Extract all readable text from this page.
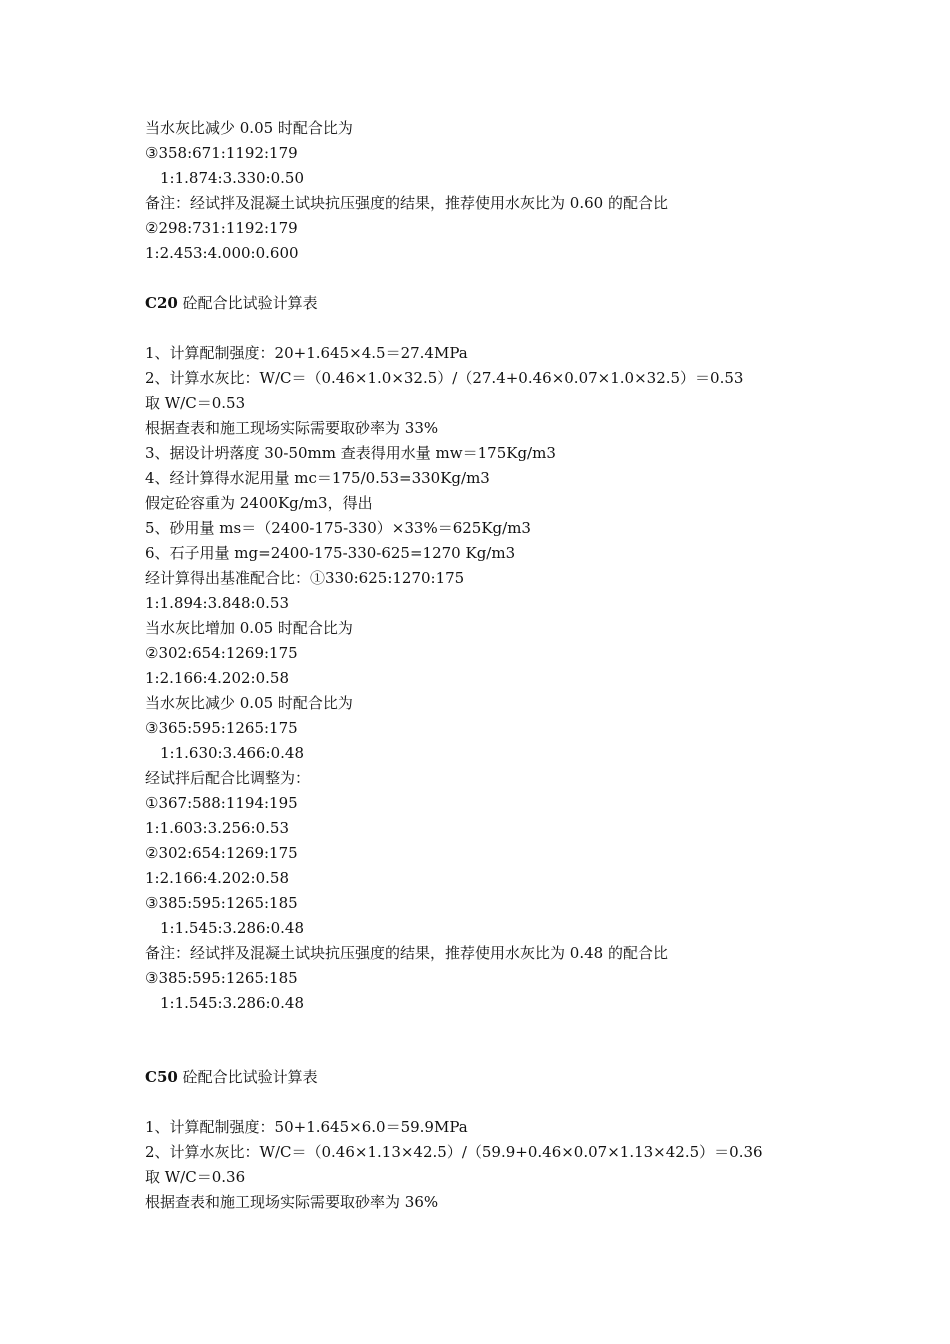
当水灰比减少 0.05 时配合比为
③358:671:1192:179
1:1.874:3.330:0.50
备注：经试拌及混凝土试块抗压强度的结果，推荐使用水灰比为 0.60 的配合比
②298:731:1192:179
1:2.453:4.000:0.600
C20 砼配合比试验计算表
1、计算配制强度：20+1.645×4.5＝27.4MPa
2、计算水灰比：W/C＝（0.46×1.0×32.5）/（27.4+0.46×0.07×1.0×32.5）＝0.53
取 W/C＝0.53
根据查表和施工现场实际需要取砂率为 33%
3、据设计坍落度 30-50mm 查表得用水量 mw＝175Kg/m3
4、经计算得水泥用量 mc＝175/0.53=330Kg/m3
假定砼容重为 2400Kg/m3，得出
5、砂用量 ms＝（2400-175-330）×33%＝625Kg/m3
6、石子用量 mg=2400-175-330-625=1270 Kg/m3
经计算得出基准配合比：①330:625:1270:175
1:1.894:3.848:0.53
当水灰比增加 0.05 时配合比为
②302:654:1269:175
1:2.166:4.202:0.58
当水灰比减少 0.05 时配合比为
③365:595:1265:175
1:1.630:3.466:0.48
经试拌后配合比调整为：
①367:588:1194:195
1:1.603:3.256:0.53
②302:654:1269:175
1:2.166:4.202:0.58
③385:595:1265:185
1:1.545:3.286:0.48
备注：经试拌及混凝土试块抗压强度的结果，推荐使用水灰比为 0.48 的配合比
③385:595:1265:185
1:1.545:3.286:0.48
C50 砼配合比试验计算表
1、计算配制强度：50+1.645×6.0＝59.9MPa
2、计算水灰比：W/C＝（0.46×1.13×42.5）/（59.9+0.46×0.07×1.13×42.5）＝0.36
取 W/C＝0.36
根据查表和施工现场实际需要取砂率为 36%
